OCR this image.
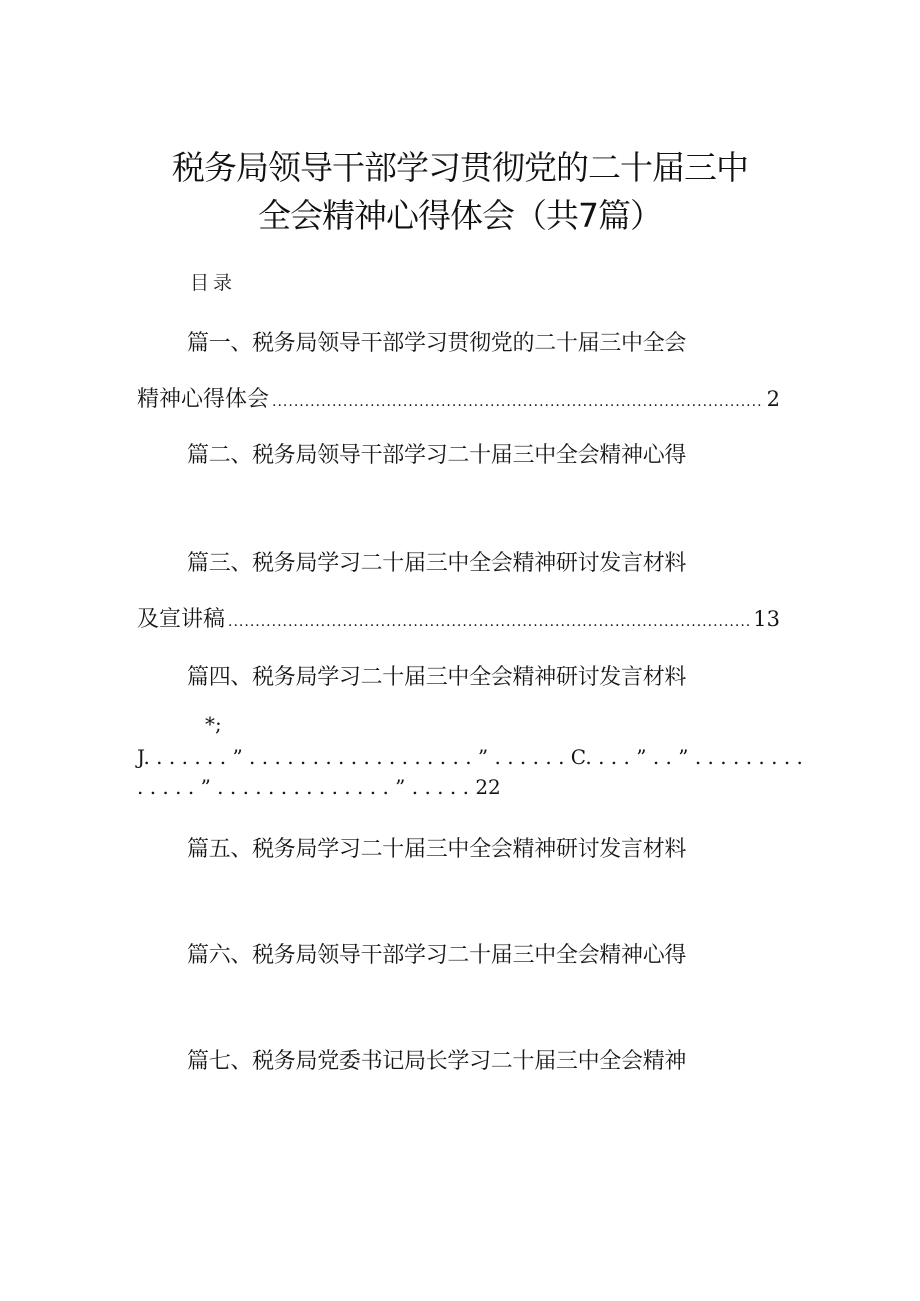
税务局领导干部学习贯彻党的二十届三中
全会精神心得体会（共7篇）
目录
篇一、税务局领导干部学习贯彻党的二十届三中全会
精神心得体会 .....	2
篇二、税务局领导干部学习二十届三中全会精神心得
篇三、税务局学习二十届三中全会精神研讨发言材料
及宣讲稿 .....	13
篇四、税务局学习二十届三中全会精神研讨发言材料
*;
J. . . . . . . ” . . . . . . . . . . . . . . . . . . ” . . . . . . C. . . . ” . . ” . . . . . . . . .
. . . . . ” . . . . . . . . . . . . . . ” . . . . . 22
篇五、税务局学习二十届三中全会精神研讨发言材料
篇六、税务局领导干部学习二十届三中全会精神心得
篇七、税务局党委书记局长学习二十届三中全会精神
